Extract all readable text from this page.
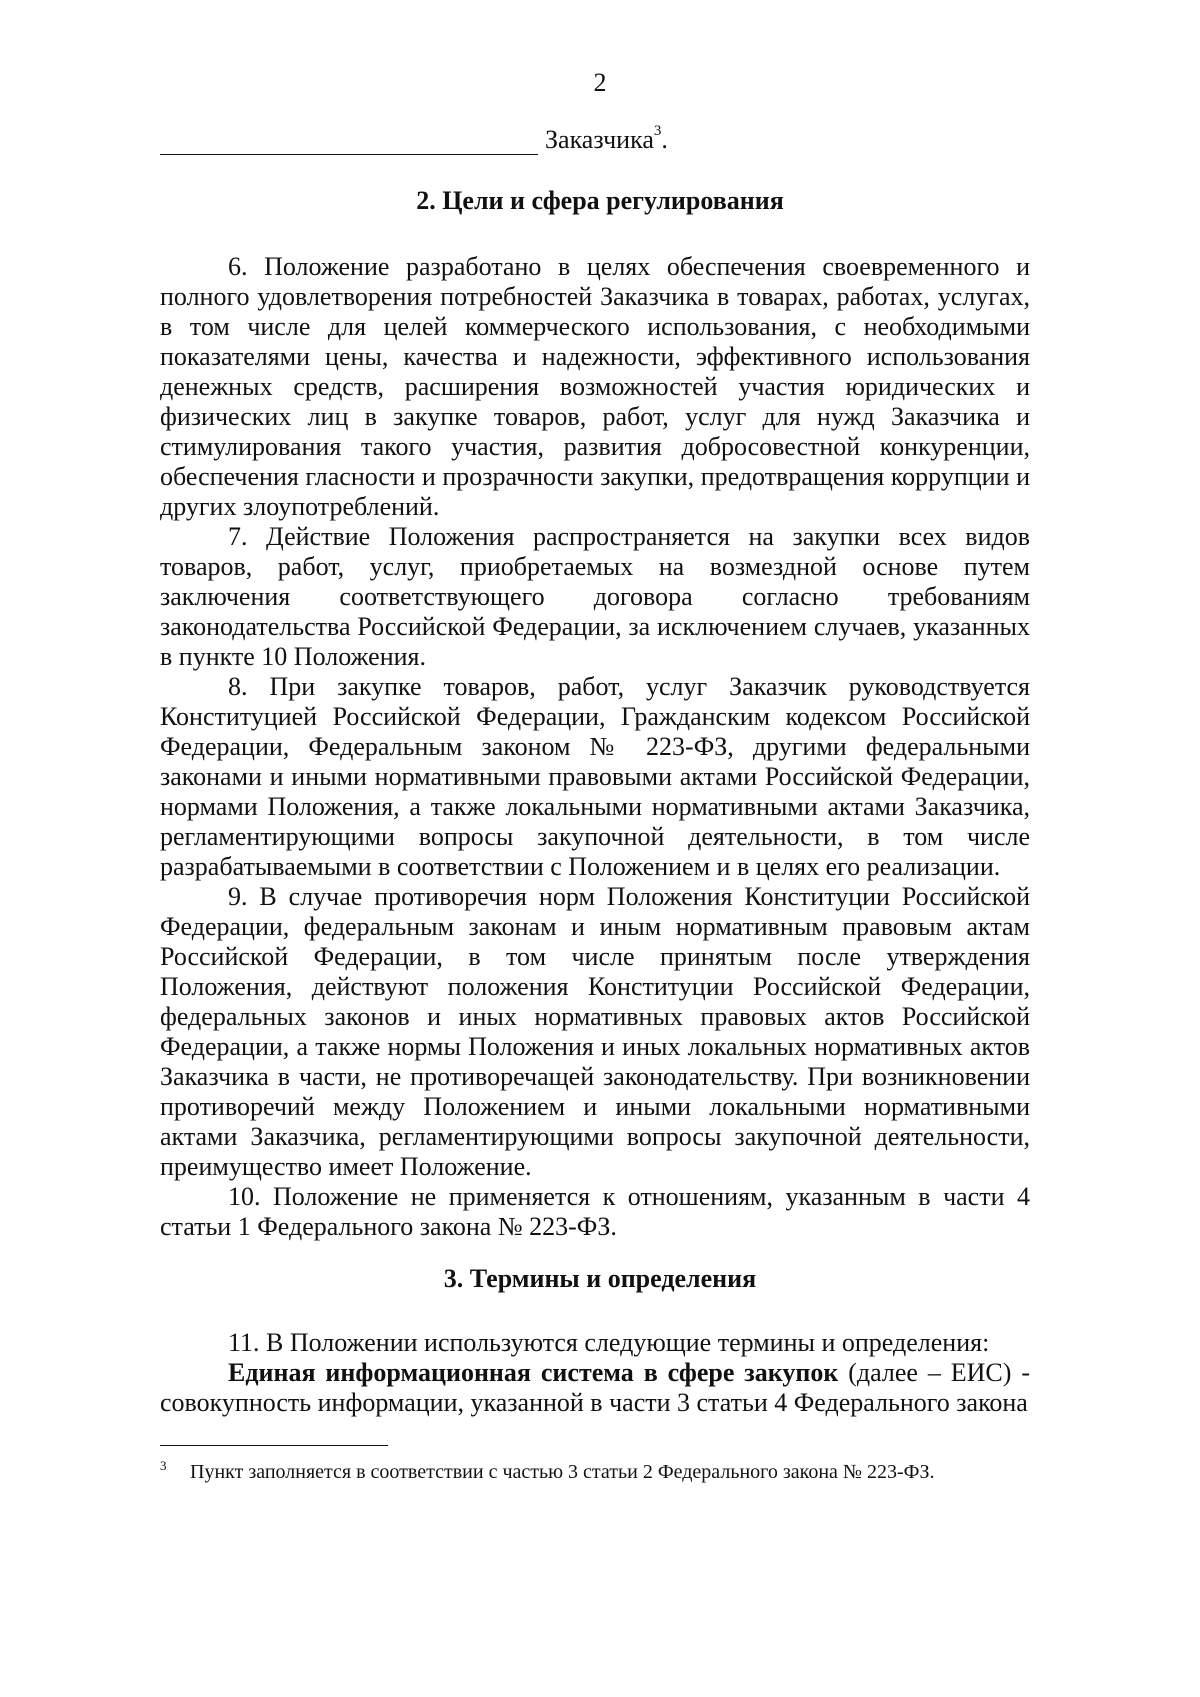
2
Заказчика$^3$.
2. Цели и сфера регулирования

6. Положение разработано в целях обеспечения своевременного и полного удовлетворения потребностей Заказчика в товарах, работах, услугах, в том числе для целей коммерческого использования, с необходимыми показателями цены, качества и надежности, эффективного использования денежных средств, расширения возможностей участия юридических и физических лиц в закупке товаров, работ, услуг для нужд Заказчика и стимулирования такого участия, развития добросовестной конкуренции, обеспечения гласности и прозрачности закупки, предотвращения коррупции и других злоупотреблений.

7. Действие Положения распространяется на закупки всех видов товаров, работ, услуг, приобретаемых на возмездной основе путем заключения соответствующего договора согласно требованиям законодательства Российской Федерации, за исключением случаев, указанных в пункте 10 Положения.

8. При закупке товаров, работ, услуг Заказчик руководствуется Конституцией Российской Федерации, Гражданским кодексом Российской Федерации, Федеральным законом № 223-ФЗ, другими федеральными законами и иными нормативными правовыми актами Российской Федерации, нормами Положения, а также локальными нормативными актами Заказчика, регламентирующими вопросы закупочной деятельности, в том числе разрабатываемыми в соответствии с Положением и в целях его реализации.

9. В случае противоречия норм Положения Конституции Российской Федерации, федеральным законам и иным нормативным правовым актам Российской Федерации, в том числе принятым после утверждения Положения, действуют положения Конституции Российской Федерации, федеральных законов и иных нормативных правовых актов Российской Федерации, а также нормы Положения и иных локальных нормативных актов Заказчика в части, не противоречащей законодательству. При возникновении противоречий между Положением и иными локальными нормативными актами Заказчика, регламентирующими вопросы закупочной деятельности, преимущество имеет Положение.

10. Положение не применяется к отношениям, указанным в части 4 статьи 1 Федерального закона № 223-ФЗ.

3. Термины и определения

11. В Положении используются следующие термины и определения:

Единая информационная система в сфере закупок (далее – ЕИС) - совокупность информации, указанной в части 3 статьи 4 Федерального закона

3 Пункт заполняется в соответствии с частью 3 статьи 2 Федерального закона № 223-ФЗ.
